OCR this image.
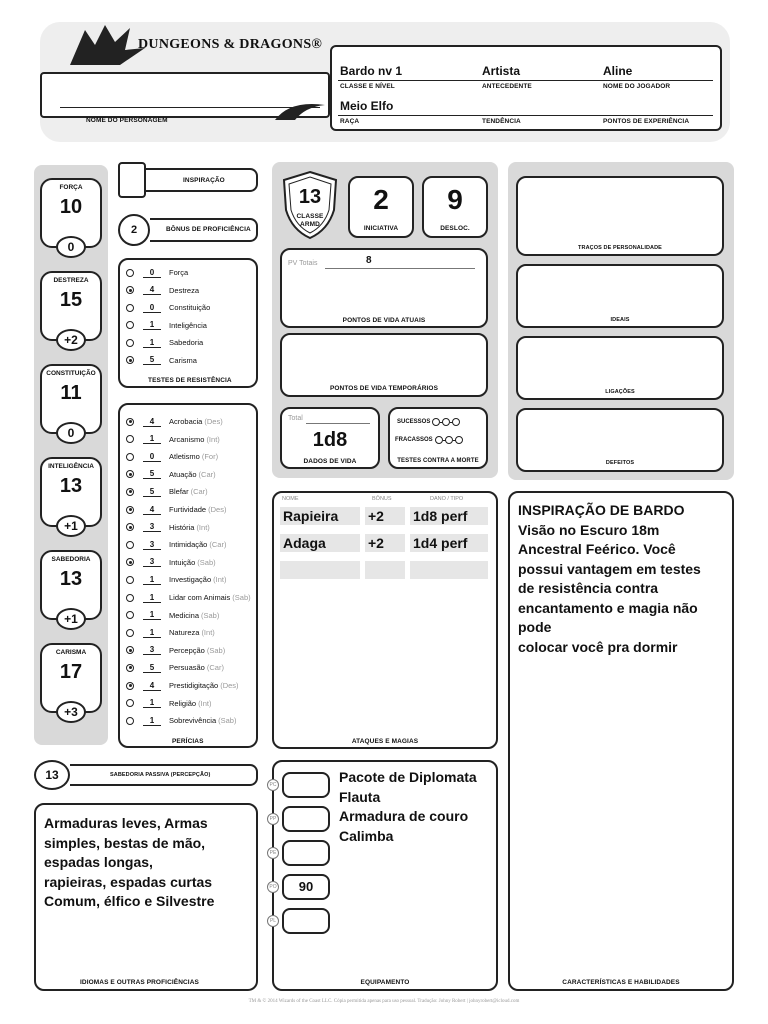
DUNGEONS & DRAGONS®
NOME DO PERSONAGEM
Bardo nv 1
CLASSE E NÍVEL
Artista
ANTECEDENTE
Aline
NOME DO JOGADOR
Meio Elfo
RAÇA	TENDÊNCIA	PONTOS DE EXPERIÊNCIA
FORÇA
10
0
DESTREZA
15
+2
CONSTITUIÇÃO
11
0
INTELIGÊNCIA
13
+1
SABEDORIA
13
+1
CARISMA
17
+3
INSPIRAÇÃO
2	BÔNUS DE PROFICIÊNCIA
0	Força
4	Destreza
0	Constituição
1	Inteligência
1	Sabedoria
5	Carisma
TESTES DE RESISTÊNCIA
4	Acrobacia (Des)
1	Arcanismo (Int)
0	Atletismo (For)
5	Atuação (Car)
5	Blefar (Car)
4	Furtividade (Des)
3	História (Int)
3	Intimidação (Car)
3	Intuição (Sab)
1	Investigação (Int)
1	Lidar com Animais (Sab)
1	Medicina (Sab)
1	Natureza (Int)
3	Percepção (Sab)
5	Persuasão (Car)
4	Prestidigitação (Des)
1	Religião (Int)
1	Sobrevivência (Sab)
PERÍCIAS
13	SABEDORIA PASSIVA (PERCEPÇÃO)
Armaduras leves, Armas
simples, bestas de mão,
espadas longas,
rapieiras, espadas curtas
Comum, élfico e Silvestre
IDIOMAS E OUTRAS PROFICIÊNCIAS
13
CLASSE
ARMD
2
INICIATIVA
9
DESLOC.
PV Totais	8
PONTOS DE VIDA ATUAIS
PONTOS DE VIDA TEMPORÁRIOS
Total
1d8
DADOS DE VIDA
SUCESSOS
FRACASSOS
TESTES CONTRA A MORTE
NOME	BÔNUS	DANO / TIPO
Rapieira	+2	1d8 perf
Adaga	+2	1d4 perf
ATAQUES E MAGIAS
PC
PP
PE
90
PO
PL
Pacote de Diplomata
Flauta
Armadura de couro
Calimba
EQUIPAMENTO
TRAÇOS DE PERSONALIDADE
IDEAIS
LIGAÇÕES
DEFEITOS
INSPIRAÇÃO DE BARDO
Visão no Escuro 18m
Ancestral Feérico. Você
possui vantagem em testes
de resistência contra
encantamento e magia não
pode
colocar você pra dormir
CARACTERÍSTICAS E HABILIDADES
TM & © 2014 Wizards of the Coast LLC. Cópia permitida apenas para uso pessoal. Tradução: Johny Robert | johnyrobert@icloud.com
